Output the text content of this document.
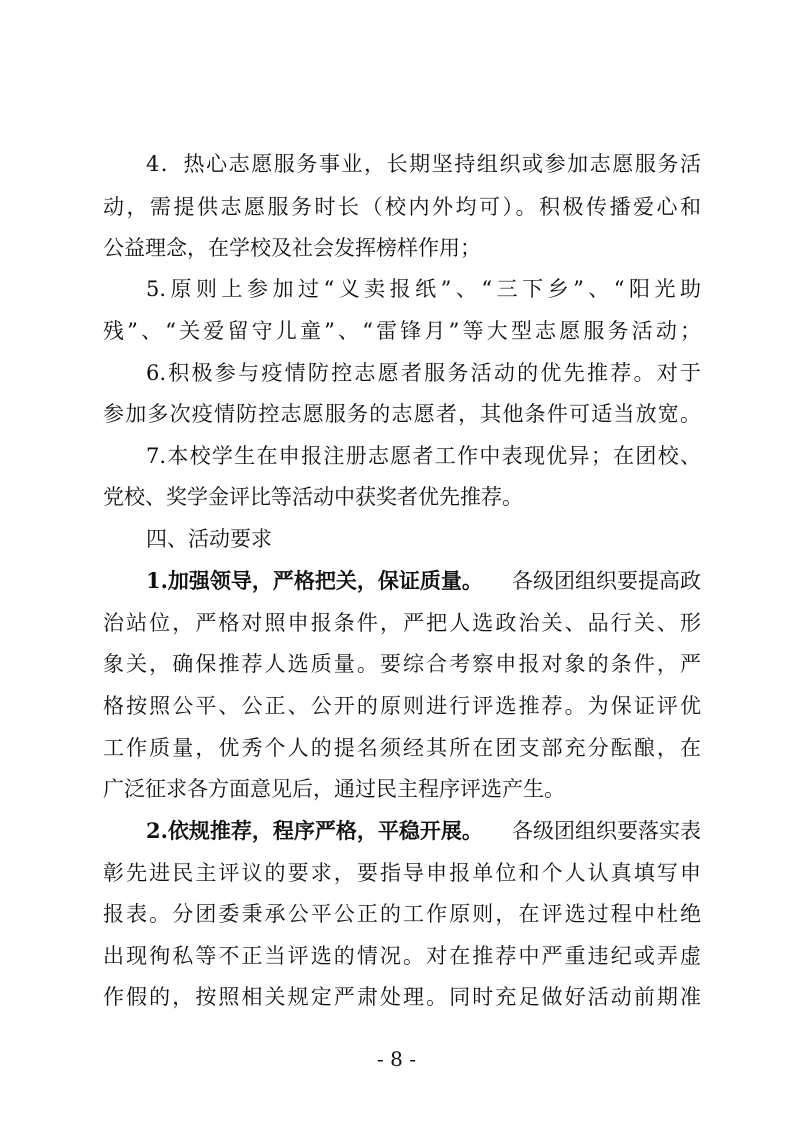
4．热心志愿服务事业，长期坚持组织或参加志愿服务活
动，需提供志愿服务时长（校内外均可）。积极传播爱心和
公益理念，在学校及社会发挥榜样作用；
5.原则上参加过“义卖报纸”、“三下乡”、“阳光助
残”、“关爱留守儿童”、“雷锋月”等大型志愿服务活动；
6.积极参与疫情防控志愿者服务活动的优先推荐。对于
参加多次疫情防控志愿服务的志愿者，其他条件可适当放宽。
7.本校学生在申报注册志愿者工作中表现优异；在团校、
党校、奖学金评比等活动中获奖者优先推荐。
四、活动要求
1.加强领导，严格把关，保证质量。 各级团组织要提高政
治站位，严格对照申报条件，严把人选政治关、品行关、形
象关，确保推荐人选质量。要综合考察申报对象的条件，严
格按照公平、公正、公开的原则进行评选推荐。为保证评优
工作质量，优秀个人的提名须经其所在团支部充分酝酿，在
广泛征求各方面意见后，通过民主程序评选产生。
2.依规推荐，程序严格，平稳开展。 各级团组织要落实表
彰先进民主评议的要求，要指导申报单位和个人认真填写申
报表。分团委秉承公平公正的工作原则，在评选过程中杜绝
出现徇私等不正当评选的情况。对在推荐中严重违纪或弄虚
作假的，按照相关规定严肃处理。同时充足做好活动前期准
- 8 -
